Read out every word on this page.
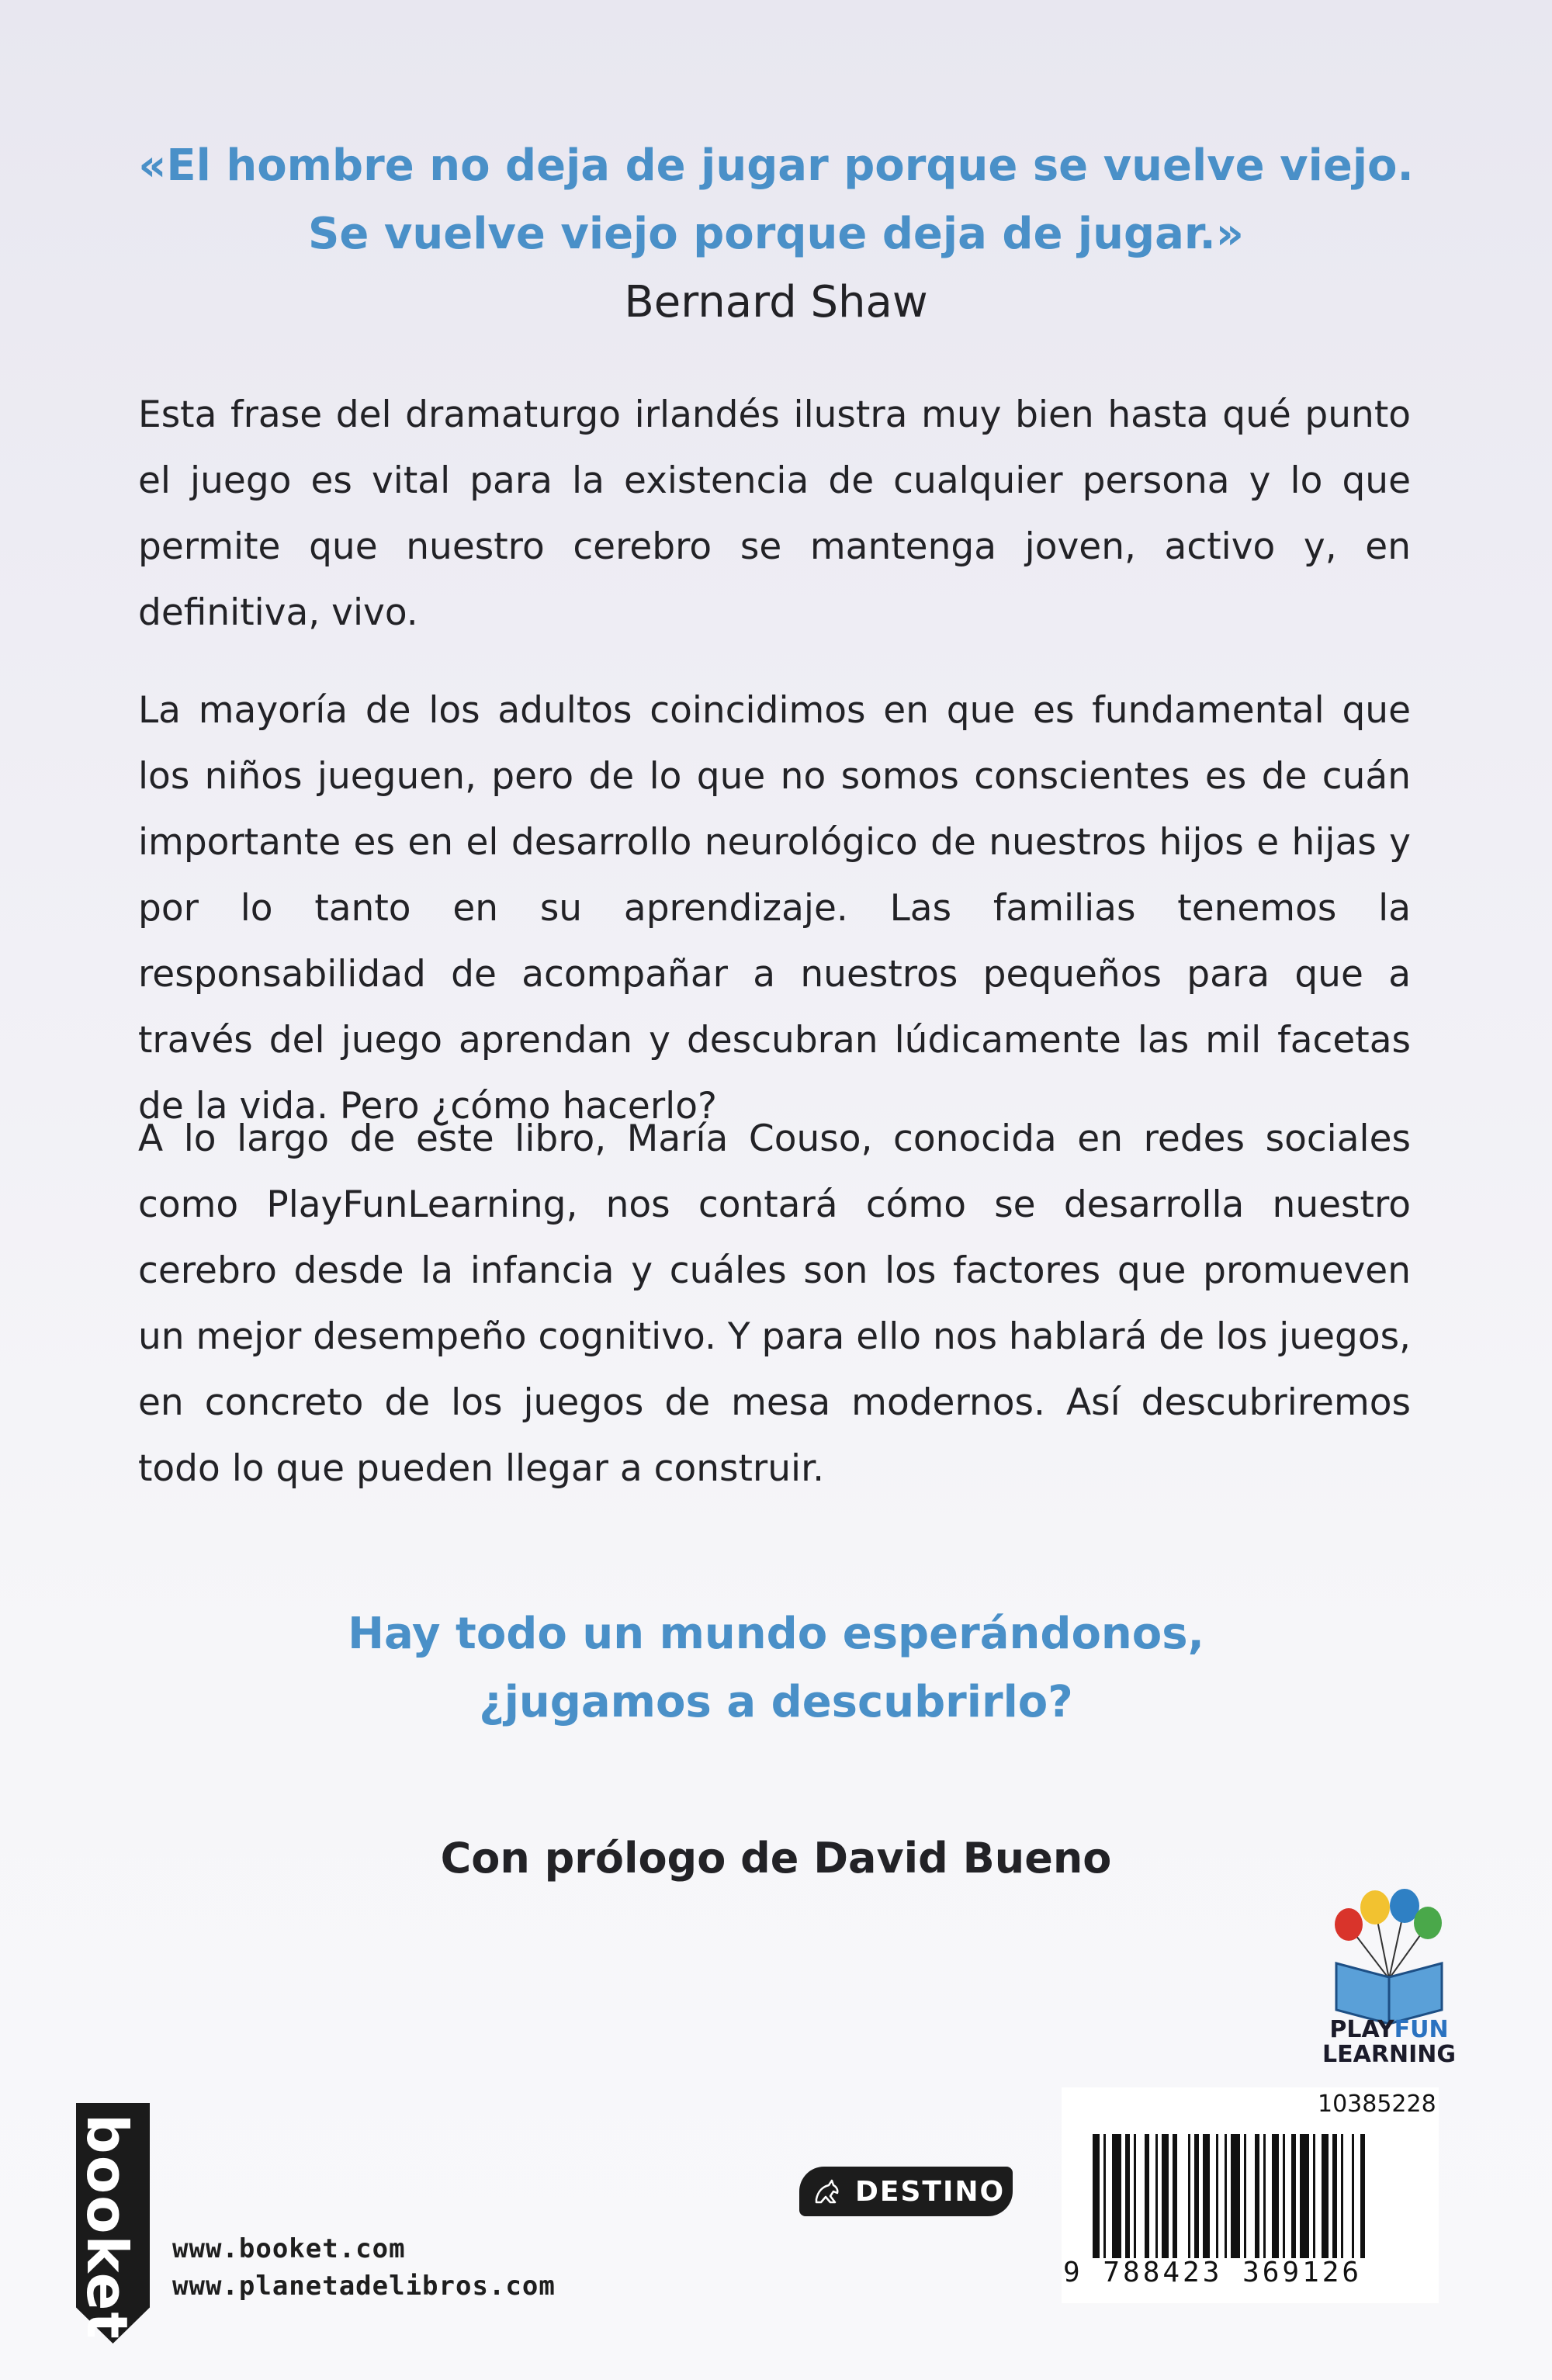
«El hombre no deja de jugar porque se vuelve viejo.
Se vuelve viejo porque deja de jugar.»
Bernard Shaw
Esta frase del dramaturgo irlandés ilustra muy bien hasta qué punto el juego es vital para la existencia de cualquier persona y lo que permite que nuestro cerebro se mantenga joven, activo y, en definitiva, vivo.
La mayoría de los adultos coincidimos en que es fundamental que los niños jueguen, pero de lo que no somos conscientes es de cuán importante es en el desarrollo neurológico de nuestros hijos e hijas y por lo tanto en su aprendizaje. Las familias tenemos la responsabilidad de acompañar a nuestros pequeños para que a través del juego aprendan y descubran lúdicamente las mil facetas de la vida. Pero ¿cómo hacerlo?
A lo largo de este libro, María Couso, conocida en redes sociales como PlayFunLearning, nos contará cómo se desarrolla nuestro cerebro desde la infancia y cuáles son los factores que promueven un mejor desempeño cognitivo. Y para ello nos hablará de los juegos, en concreto de los juegos de mesa modernos. Así descubriremos todo lo que pueden llegar a construir.
Hay todo un mundo esperándonos,
¿jugamos a descubrirlo?
Con prólogo de David Bueno
PLAYFUN
LEARNING
booket www.booket.com
www.planetadelibros.com
DESTINO
10385228
9 788423 369126
